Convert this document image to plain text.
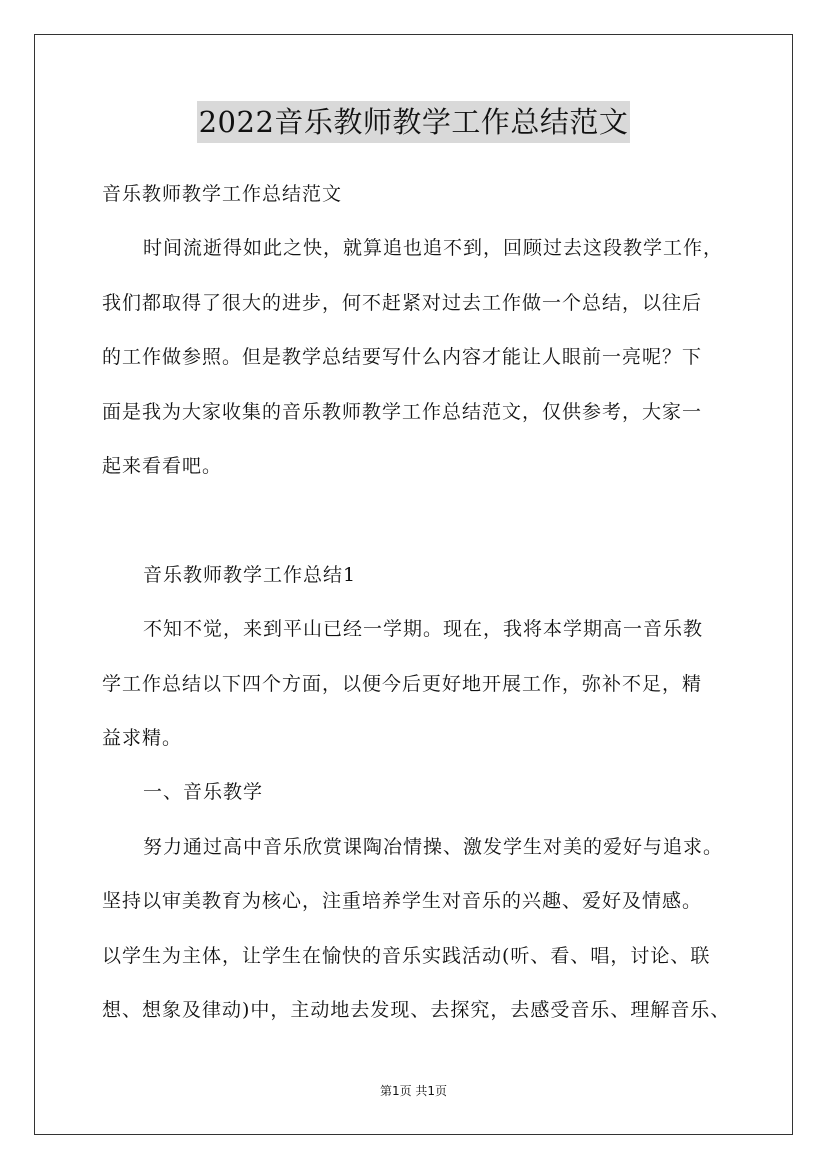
2022音乐教师教学工作总结范文
音乐教师教学工作总结范文
时间流逝得如此之快，就算追也追不到，回顾过去这段教学工作，
我们都取得了很大的进步，何不赶紧对过去工作做一个总结，以往后
的工作做参照。但是教学总结要写什么内容才能让人眼前一亮呢？下
面是我为大家收集的音乐教师教学工作总结范文，仅供参考，大家一
起来看看吧。
音乐教师教学工作总结1
不知不觉，来到平山已经一学期。现在，我将本学期高一音乐教
学工作总结以下四个方面，以便今后更好地开展工作，弥补不足，精
益求精。
一、音乐教学
努力通过高中音乐欣赏课陶冶情操、激发学生对美的爱好与追求。
坚持以审美教育为核心，注重培养学生对音乐的兴趣、爱好及情感。
以学生为主体，让学生在愉快的音乐实践活动(听、看、唱，讨论、联
想、想象及律动)中，主动地去发现、去探究，去感受音乐、理解音乐、
第1页 共1页
